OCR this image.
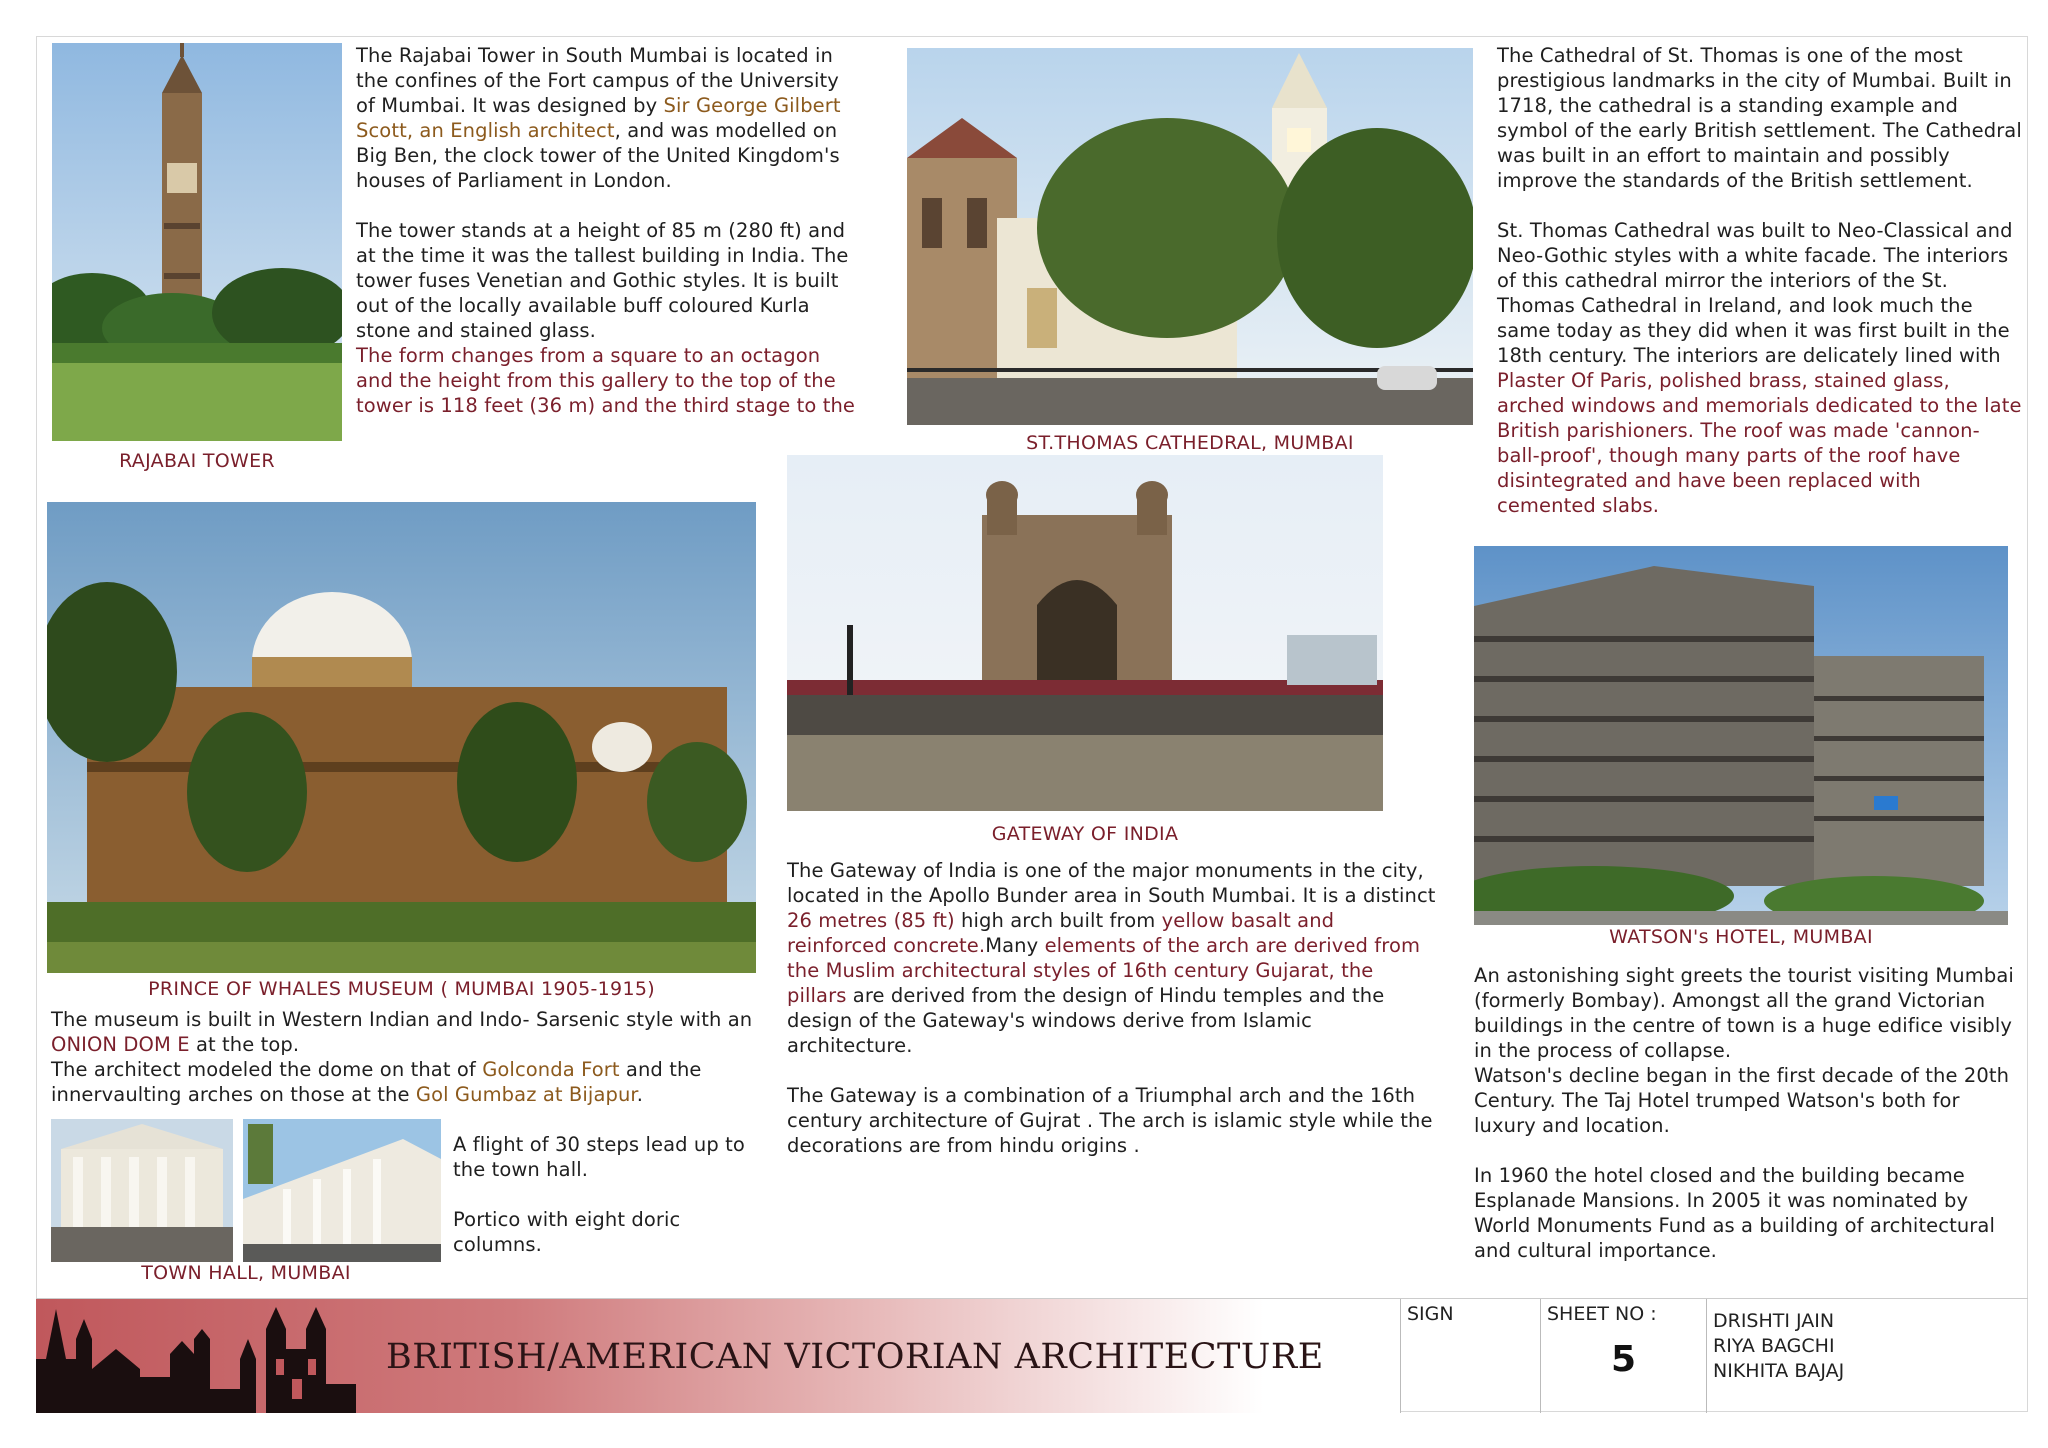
The Rajabai Tower in South Mumbai is located in the confines of the Fort campus of the University of Mumbai. It was designed by Sir George Gilbert Scott, an English architect, and was modelled on Big Ben, the clock tower of the United Kingdom's houses of Parliament in London.

The tower stands at a height of 85 m (280 ft) and at the time it was the tallest building in India. The tower fuses Venetian and Gothic styles. It is built out of the locally available buff coloured Kurla stone and stained glass.

The form changes from a square to an octagon and the height from this gallery to the top of the tower is 118 feet (36 m) and the third stage to the

RAJABAI TOWER
ST.THOMAS CATHEDRAL, MUMBAI

The Cathedral of St. Thomas is one of the most prestigious landmarks in the city of Mumbai. Built in 1718, the cathedral is a standing example and symbol of the early British settlement. The Cathedral was built in an effort to maintain and possibly improve the standards of the British settlement.

St. Thomas Cathedral was built to Neo-Classical and Neo-Gothic styles with a white facade. The interiors of this cathedral mirror the interiors of the St. Thomas Cathedral in Ireland, and look much the same today as they did when it was first built in the 18th century. The interiors are delicately lined with Plaster Of Paris, polished brass, stained glass, arched windows and memorials dedicated to the late British parishioners. The roof was made 'cannon-ball-proof', though many parts of the roof have disintegrated and have been replaced with cemented slabs.

PRINCE OF WHALES MUSEUM ( MUMBAI 1905-1915)

The museum is built in Western Indian and Indo- Sarsenic style with an

ONION DOM E at the top.

The architect modeled the dome on that of Golconda Fort and the

innervaulting arches on those at the Gol Gumbaz at Bijapur.

TOWN HALL, MUMBAI

A flight of 30 steps lead up to the town hall.

Portico with eight doric columns.

GATEWAY OF INDIA

The Gateway of India is one of the major monuments in the city, located in the Apollo Bunder area in South Mumbai. It is a distinct 26 metres (85 ft) high arch built from yellow basalt and reinforced concrete.Many elements of the arch are derived from the Muslim architectural styles of 16th century Gujarat, the pillars are derived from the design of Hindu temples and the design of the Gateway's windows derive from Islamic architecture.

The Gateway is a combination of a Triumphal arch and the 16th century architecture of Gujrat . The arch is islamic style while the decorations are from hindu origins .

WATSON's HOTEL, MUMBAI

An astonishing sight greets the tourist visiting Mumbai (formerly Bombay). Amongst all the grand Victorian buildings in the centre of town is a huge edifice visibly in the process of collapse.

Watson's decline began in the first decade of the 20th Century. The Taj Hotel trumped Watson's both for luxury and location.

In 1960 the hotel closed and the building became Esplanade Mansions. In 2005 it was nominated by World Monuments Fund as a building of architectural and cultural importance.

BRITISH/AMERICAN VICTORIAN ARCHITECTURE
SIGN	SHEET NO :
5
DRISHTI JAIN
RIYA BAGCHI
NIKHITA BAJAJ
